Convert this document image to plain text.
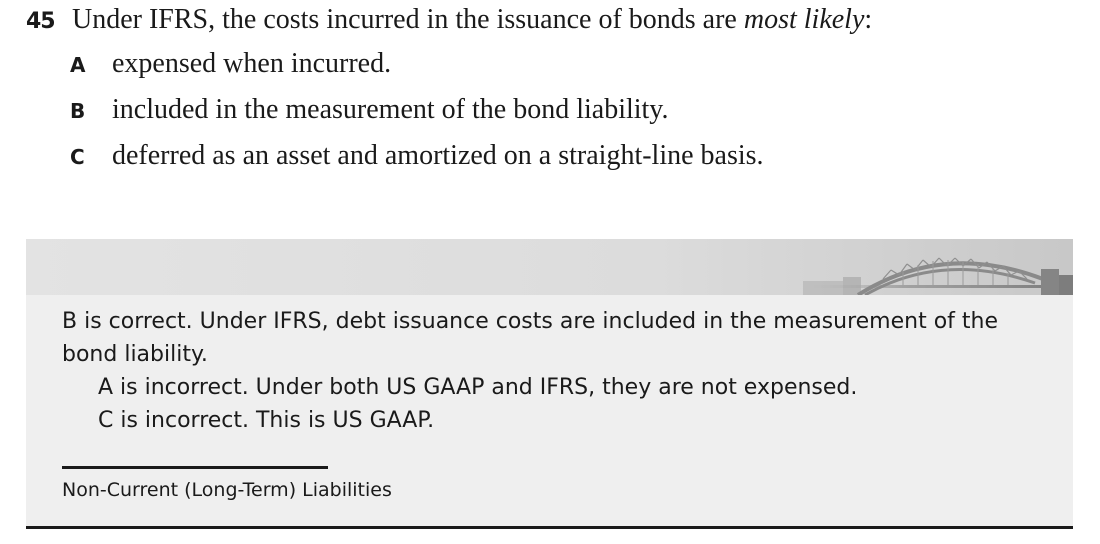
45 Under IFRS, the costs incurred in the issuance of bonds are most likely:
A expensed when incurred.
B included in the measurement of the bond liability.
C	deferred as an asset and amortized on a straight-line basis.
B is correct. Under IFRS, debt issuance costs are included in the measurement of the bond liability.
A is incorrect. Under both US GAAP and IFRS, they are not expensed.
C is incorrect. This is US GAAP.
Non-Current (Long-Term) Liabilities
